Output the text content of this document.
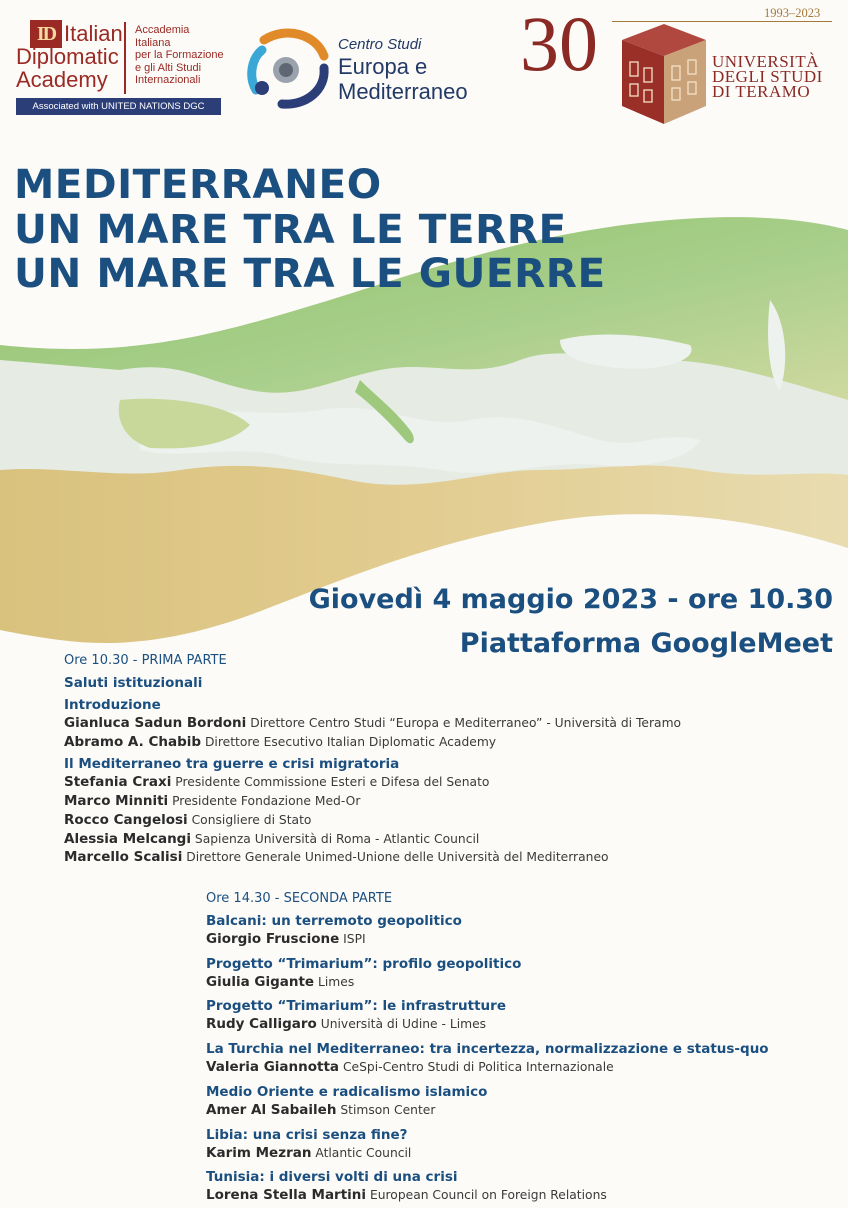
ID Italian
Diplomatic
Academy
Accademia
Italiana
per la Formazione
e gli Alti Studi
Internazionali
Associated with UNITED NATIONS DGC
Centro Studi
Europa e
Mediterraneo
1993–2023
30	UNIVERSITÀ
DEGLI STUDI
DI TERAMO
MEDITERRANEO
UN MARE TRA LE TERRE
UN MARE TRA LE GUERRE
Giovedì 4 maggio 2023 - ore 10.30
Piattaforma GoogleMeet
Ore 10.30 - PRIMA PARTE
Saluti istituzionali
Introduzione
Gianluca Sadun Bordoni Direttore Centro Studi “Europa e Mediterraneo” - Università di Teramo
Abramo A. Chabib Direttore Esecutivo Italian Diplomatic Academy
Il Mediterraneo tra guerre e crisi migratoria
Stefania Craxi Presidente Commissione Esteri e Difesa del Senato
Marco Minniti Presidente Fondazione Med-Or
Rocco Cangelosi Consigliere di Stato
Alessia Melcangi Sapienza Università di Roma - Atlantic Council
Marcello Scalisi Direttore Generale Unimed-Unione delle Università del Mediterraneo
Ore 14.30 - SECONDA PARTE
Balcani: un terremoto geopolitico
Giorgio Fruscione ISPI
Progetto “Trimarium”: profilo geopolitico
Giulia Gigante Limes
Progetto “Trimarium”: le infrastrutture
Rudy Calligaro Università di Udine - Limes
La Turchia nel Mediterraneo: tra incertezza, normalizzazione e status-quo
Valeria Giannotta CeSpi-Centro Studi di Politica Internazionale
Medio Oriente e radicalismo islamico
Amer Al Sabaileh Stimson Center
Libia: una crisi senza fine?
Karim Mezran Atlantic Council
Tunisia: i diversi volti di una crisi
Lorena Stella Martini European Council on Foreign Relations
